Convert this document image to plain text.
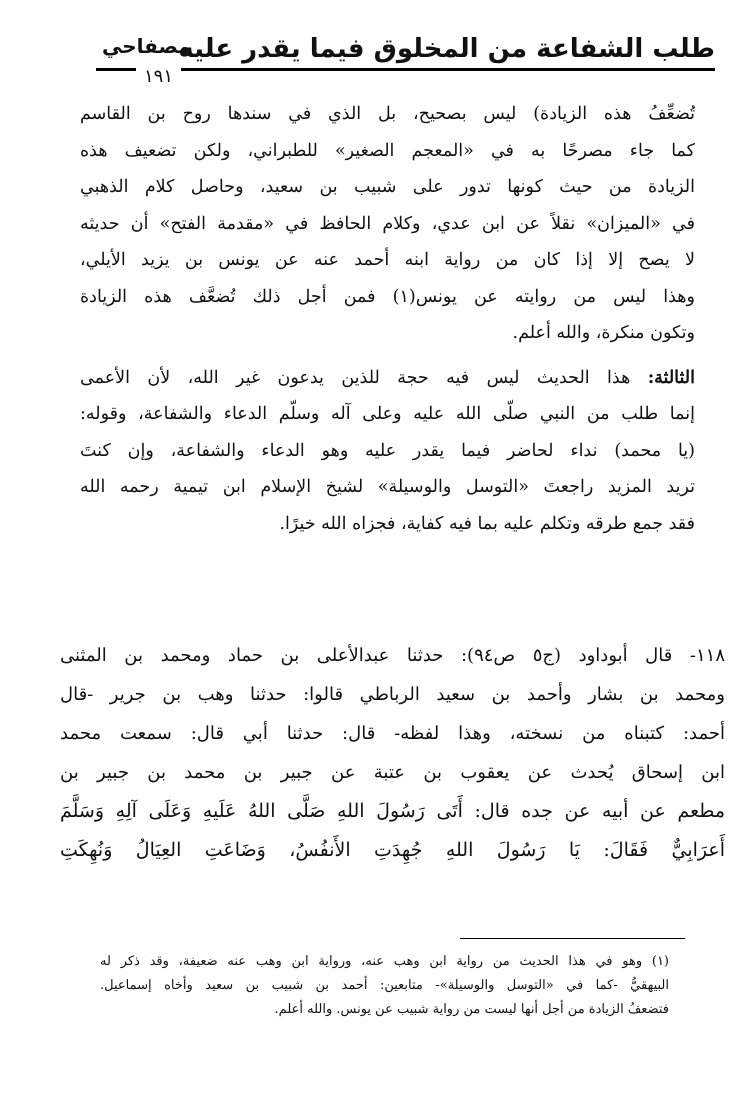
طلب الشفاعة من المخلوق فيما يقدر عليه
مصفاحي
١٩١
تُضعِّفُ هذه الزيادة) ليس بصحيح، بل الذي في سندها روح بن القاسم
كما جاء مصرحًا به في «المعجم الصغير» للطبراني، ولكن تضعيف هذه
الزيادة من حيث كونها تدور على شبيب بن سعيد، وحاصل كلام الذهبي
في «الميزان» نقلاً عن ابن عدي، وكلام الحافظ في «مقدمة الفتح» أن حديثه
لا يصح إلا إذا كان من رواية ابنه أحمد عنه عن يونس بن يزيد الأيلي،
وهذا ليس من روايته عن يونس(١) فمن أجل ذلك تُضعَّف هذه الزيادة
وتكون منكرة، والله أعلم.
الثالثة: هذا الحديث ليس فيه حجة للذين يدعون غير الله، لأن الأعمى
إنما طلب من النبي صلّى الله عليه وعلى آله وسلّم الدعاء والشفاعة، وقوله:
(يا محمد) نداء لحاضر فيما يقدر عليه وهو الدعاء والشفاعة، وإن كنتَ
تريد المزيد راجعتَ «التوسل والوسيلة» لشيخ الإسلام ابن تيمية رحمه الله
فقد جمع طرقه وتكلم عليه بما فيه كفاية، فجزاه الله خيرًا.
١١٨- قال أبوداود (ج٥ ص٩٤): حدثنا عبدالأعلى بن حماد ومحمد بن المثنى
ومحمد بن بشار وأحمد بن سعيد الرباطي قالوا: حدثنا وهب بن جرير -قال
أحمد: كتبناه من نسخته، وهذا لفظه- قال: حدثنا أبي قال: سمعت محمد
ابن إسحاق يُحدث عن يعقوب بن عتبة عن جبير بن محمد بن جبير بن
مطعم عن أبيه عن جده قال: أَتَى رَسُولَ اللهِ صَلَّى اللهُ عَلَيهِ وَعَلَى آلِهِ وَسَلَّمَ
أَعرَابِيٌّ فَقَالَ: يَا رَسُولَ اللهِ جُهِدَتِ الأَنفُسُ، وَضَاعَتِ العِيَالُ وَنُهِكَتِ
(١) وهو في هذا الحديث من رواية ابن وهب عنه، ورواية ابن وهب عنه ضعيفة، وقد ذكر له
البيهقيُّ -كما في «التوسل والوسيلة»- متابعين: أحمد بن شبيب بن سعيد وأخاه إسماعيل.
فتضعفُ الزيادة من أجل أنها ليست من رواية شبيب عن يونس. والله أعلم.
